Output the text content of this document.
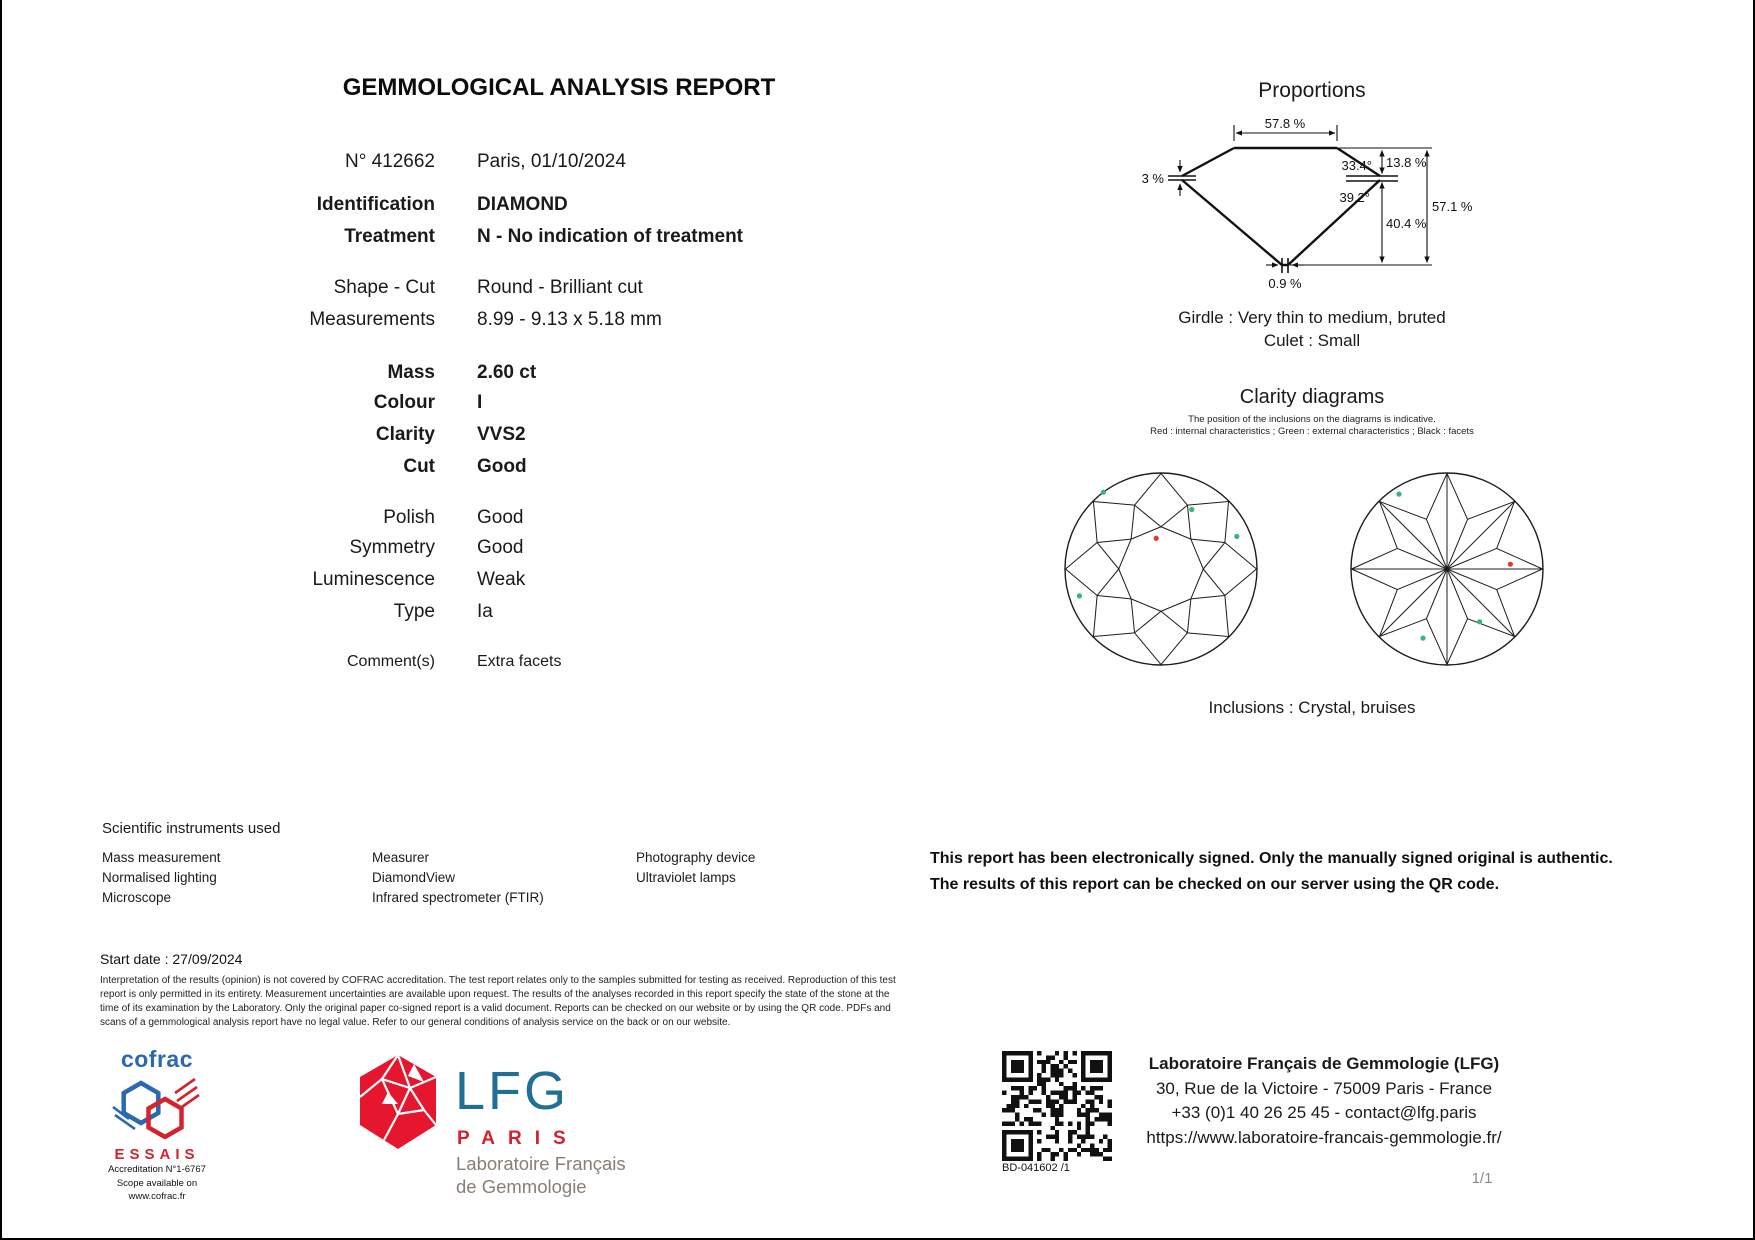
GEMMOLOGICAL ANALYSIS REPORT
N° 412662 Paris, 01/10/2024
Identification DIAMOND
Treatment N - No indication of treatment
Shape - Cut Round - Brilliant cut
Measurements 8.99 - 9.13 x 5.18 mm
Mass 2.60 ct
Colour I
Clarity VVS2
Cut Good
Polish Good
Symmetry Good
Luminescence Weak
Type Ia
Comment(s)	Extra facets
Proportions
57.8 %
13.8 %
40.4 %
57.1 %
33.4°
39.2°
3 %
0.9 %
Girdle : Very thin to medium, bruted
Culet : Small
Clarity diagrams
The position of the inclusions on the diagrams is indicative.
Red : internal characteristics ; Green : external characteristics ; Black : facets
Inclusions : Crystal, bruises
Scientific instruments used
Mass measurement
Normalised lighting
Microscope
Measurer
DiamondView
Infrared spectrometer (FTIR)
Photography device
Ultraviolet lamps
This report has been electronically signed. Only the manually signed original is authentic.
The results of this report can be checked on our server using the QR code.
Start date : 27/09/2024
Interpretation of the results (opinion) is not covered by COFRAC accreditation. The test report relates only to the samples submitted for testing as received. Reproduction of this test report is only permitted in its entirety. Measurement uncertainties are available upon request. The results of the analyses recorded in this report specify the state of the stone at the time of its examination by the Laboratory. Only the original paper co-signed report is a valid document. Reports can be checked on our website or by using the QR code. PDFs and scans of a gemmological analysis report have no legal value. Refer to our general conditions of analysis service on the back or on our website.
cofrac
ESSAIS
Accreditation N°1-6767
Scope available on
www.cofrac.fr
LFG
PARIS
Laboratoire Français
de Gemmologie
BD-041602 /1
Laboratoire Français de Gemmologie (LFG)
30, Rue de la Victoire - 75009 Paris - France
+33 (0)1 40 26 25 45 - contact@lfg.paris
https://www.laboratoire-francais-gemmologie.fr/
1/1
